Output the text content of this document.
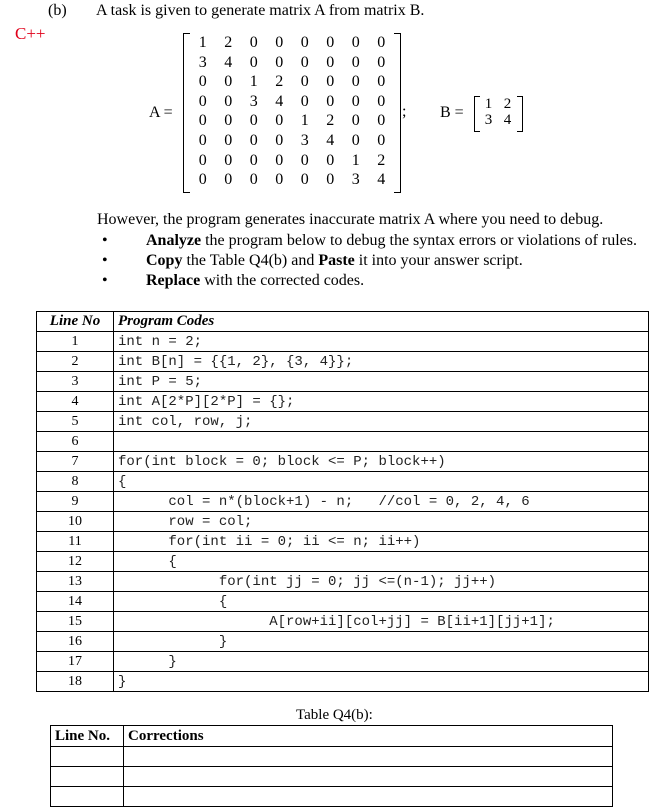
(b) A task is given to generate matrix A from matrix B.
C++
A =
1	2	0	0	0	0	0	0
3	4	0	0	0	0	0	0
0	0	1	2	0	0	0	0
0	0	3	4	0	0	0	0
0	0	0	0	1	2	0	0
0	0	0	0	3	4	0	0
0	0	0	0	0	0	1	2
0	0	0	0	0	0	3	4
; B = 1	2
3	4
However, the program generates inaccurate matrix A where you need to debug.
• Analyze the program below to debug the syntax errors or violations of rules.
• Copy the Table Q4(b) and Paste it into your answer script.
• Replace with the corrected codes.
Line No	Program Codes
1	int n = 2;
2	int B[n] = {{1, 2}, {3, 4}};
3	int P = 5;
4	int A[2*P][2*P] = {};
5	int col, row, j;
6	
7	for(int block = 0; block <= P; block++)
8	{
9	col = n*(block+1) - n;   //col = 0, 2, 4, 6
10	row = col;
11	for(int ii = 0; ii <= n; ii++)
12	{
13	for(int jj = 0; jj <=(n-1); jj++)
14	{
15	A[row+ii][col+jj] = B[ii+1][jj+1];
16	}
17	}
18	}
Table Q4(b):
Line No.	Corrections
